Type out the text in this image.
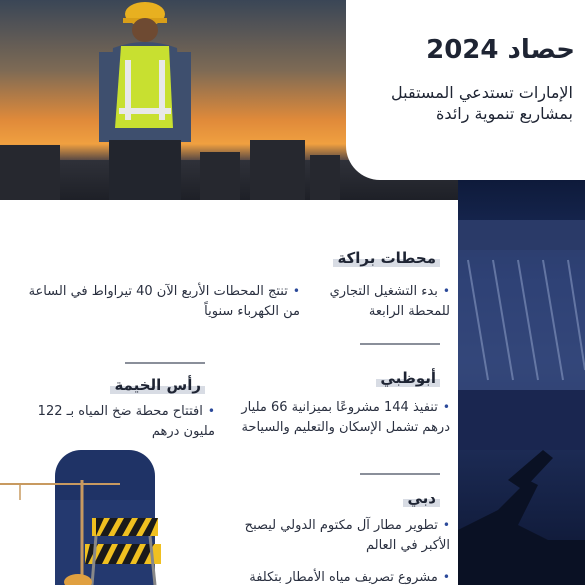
حصاد 2024
الإمارات تستدعي المستقبل بمشاريع تنموية رائدة
محطات براكة
• بدء التشغيل التجاري للمحطة الرابعة
• تنتج المحطات الأربع الآن 40 تيراواط في الساعة من الكهرباء سنوياً
رأس الخيمة
• افتتاح محطة ضخ المياه بـ 122 مليون درهم
أبوظبي
• تنفيذ 144 مشروعًا بميزانية 66 مليار درهم تشمل الإسكان والتعليم والسياحة
دبي
• تطوير مطار آل مكتوم الدولي ليصبح الأكبر في العالم
• مشروع تصريف مياه الأمطار بتكلفة
